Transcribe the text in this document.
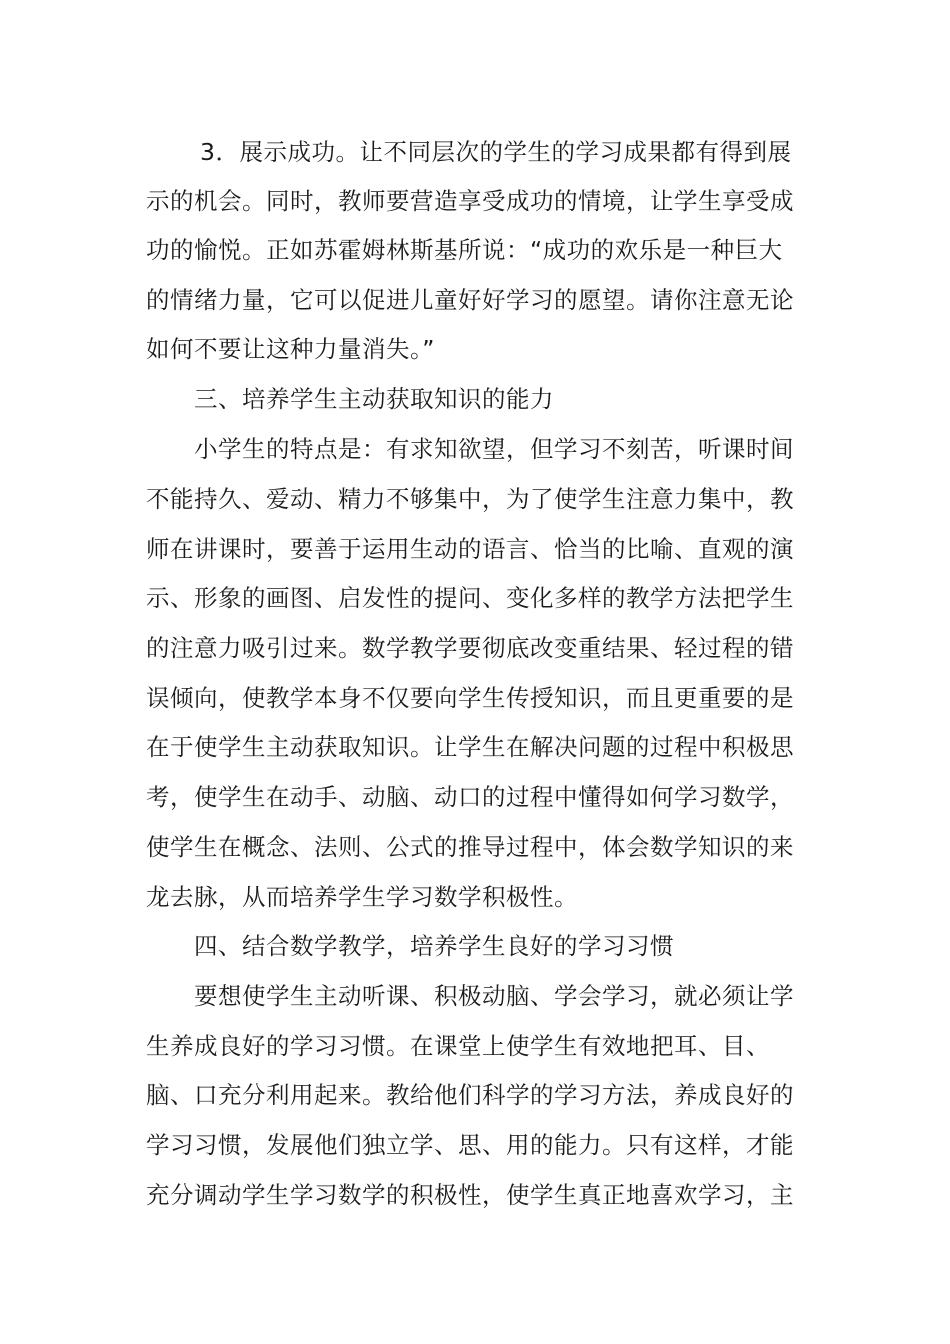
3．展示成功。让不同层次的学生的学习成果都有得到展
示的机会。同时，教师要营造享受成功的情境，让学生享受成
功的愉悦。正如苏霍姆林斯基所说：“成功的欢乐是一种巨大
的情绪力量，它可以促进儿童好好学习的愿望。请你注意无论
如何不要让这种力量消失。”
三、培养学生主动获取知识的能力
小学生的特点是：有求知欲望，但学习不刻苦，听课时间
不能持久、爱动、精力不够集中，为了使学生注意力集中，教
师在讲课时，要善于运用生动的语言、恰当的比喻、直观的演
示、形象的画图、启发性的提问、变化多样的教学方法把学生
的注意力吸引过来。数学教学要彻底改变重结果、轻过程的错
误倾向，使教学本身不仅要向学生传授知识，而且更重要的是
在于使学生主动获取知识。让学生在解决问题的过程中积极思
考，使学生在动手、动脑、动口的过程中懂得如何学习数学，
使学生在概念、法则、公式的推导过程中，体会数学知识的来
龙去脉，从而培养学生学习数学积极性。
四、结合数学教学，培养学生良好的学习习惯
要想使学生主动听课、积极动脑、学会学习，就必须让学
生养成良好的学习习惯。在课堂上使学生有效地把耳、目、
脑、口充分利用起来。教给他们科学的学习方法，养成良好的
学习习惯，发展他们独立学、思、用的能力。只有这样，才能
充分调动学生学习数学的积极性，使学生真正地喜欢学习，主
